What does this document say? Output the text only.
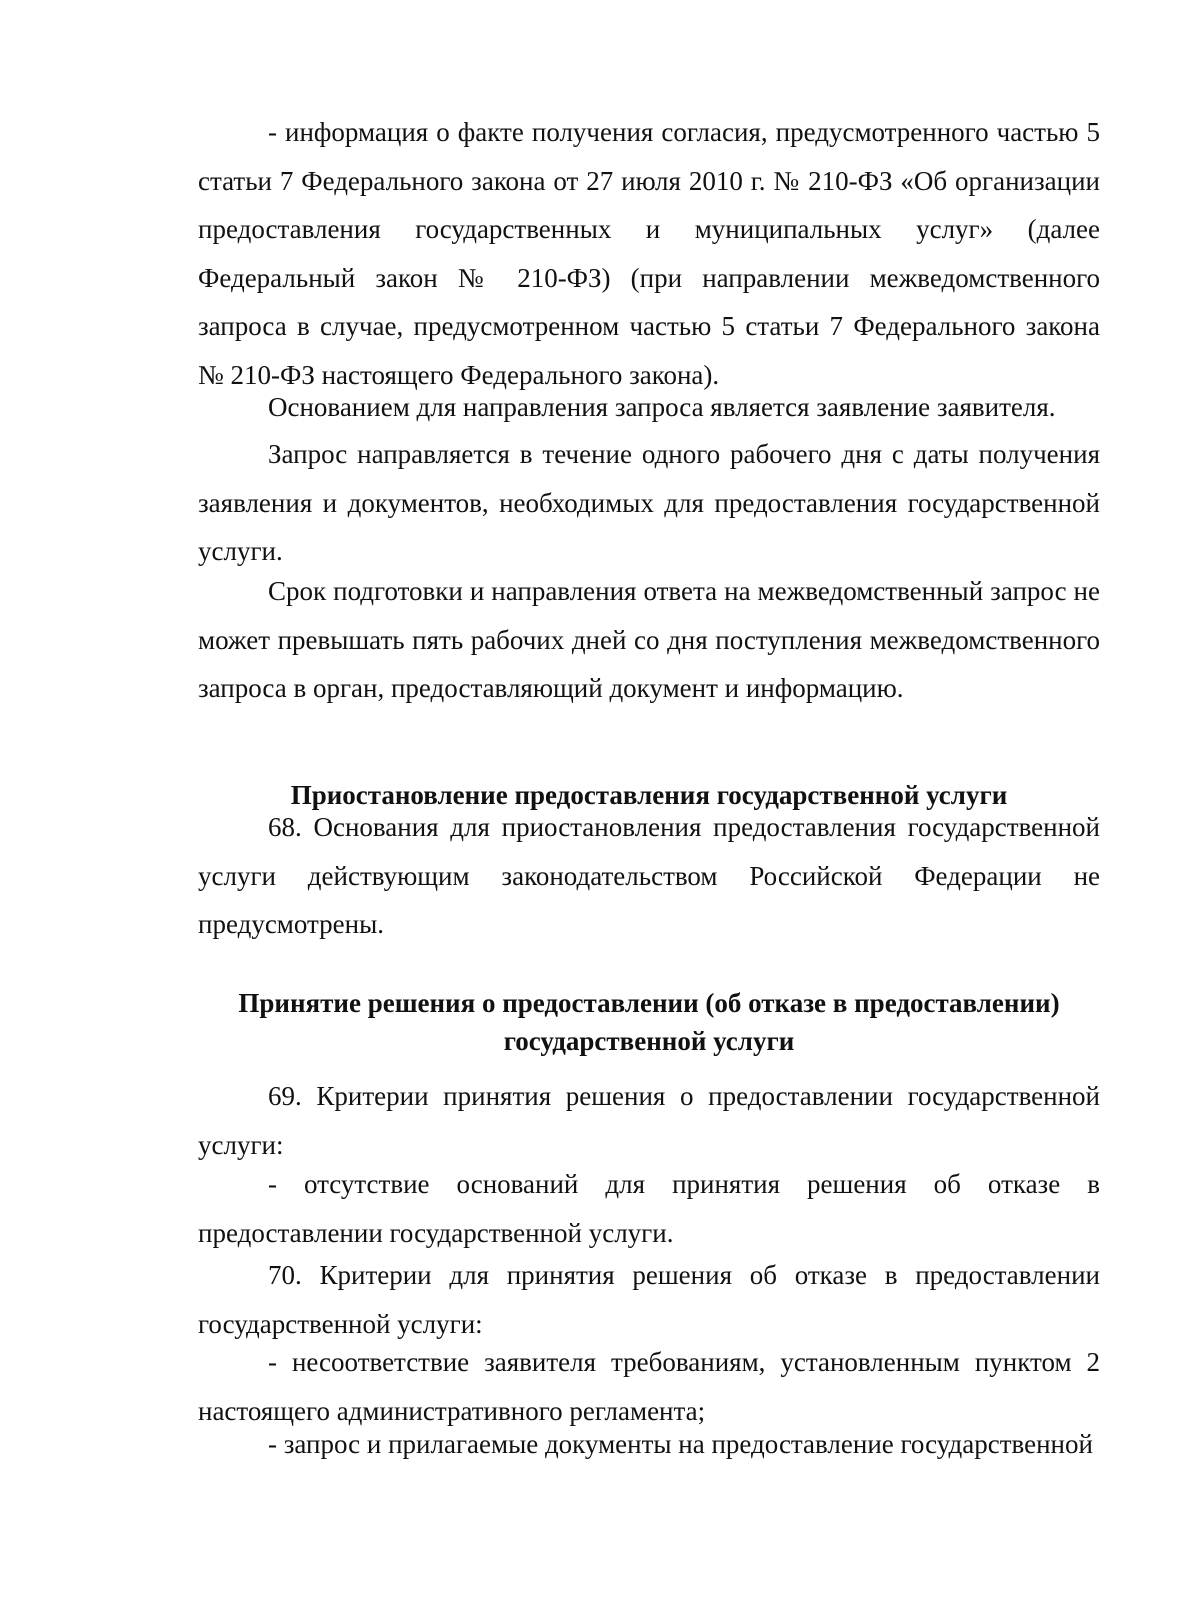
- информация о факте получения согласия, предусмотренного частью 5 статьи 7 Федерального закона от 27 июля 2010 г. № 210-ФЗ «Об организации предоставления государственных и муниципальных услуг» (далее Федеральный закон № 210-ФЗ) (при направлении межведомственного запроса в случае, предусмотренном частью 5 статьи 7 Федерального закона № 210-ФЗ настоящего Федерального закона).

Основанием для направления запроса является заявление заявителя.

Запрос направляется в течение одного рабочего дня с даты получения заявления и документов, необходимых для предоставления государственной услуги.

Срок подготовки и направления ответа на межведомственный запрос не может превышать пять рабочих дней со дня поступления межведомственного запроса в орган, предоставляющий документ и информацию.

Приостановление предоставления государственной услуги

68. Основания для приостановления предоставления государственной услуги действующим законодательством Российской Федерации не предусмотрены.

Принятие решения о предоставлении (об отказе в предоставлении)
государственной услуги

69. Критерии принятия решения о предоставлении государственной услуги:

- отсутствие оснований для принятия решения об отказе в предоставлении государственной услуги.

70. Критерии для принятия решения об отказе в предоставлении государственной услуги:

- несоответствие заявителя требованиям, установленным пунктом 2 настоящего административного регламента;

- запрос и прилагаемые документы на предоставление государственной
